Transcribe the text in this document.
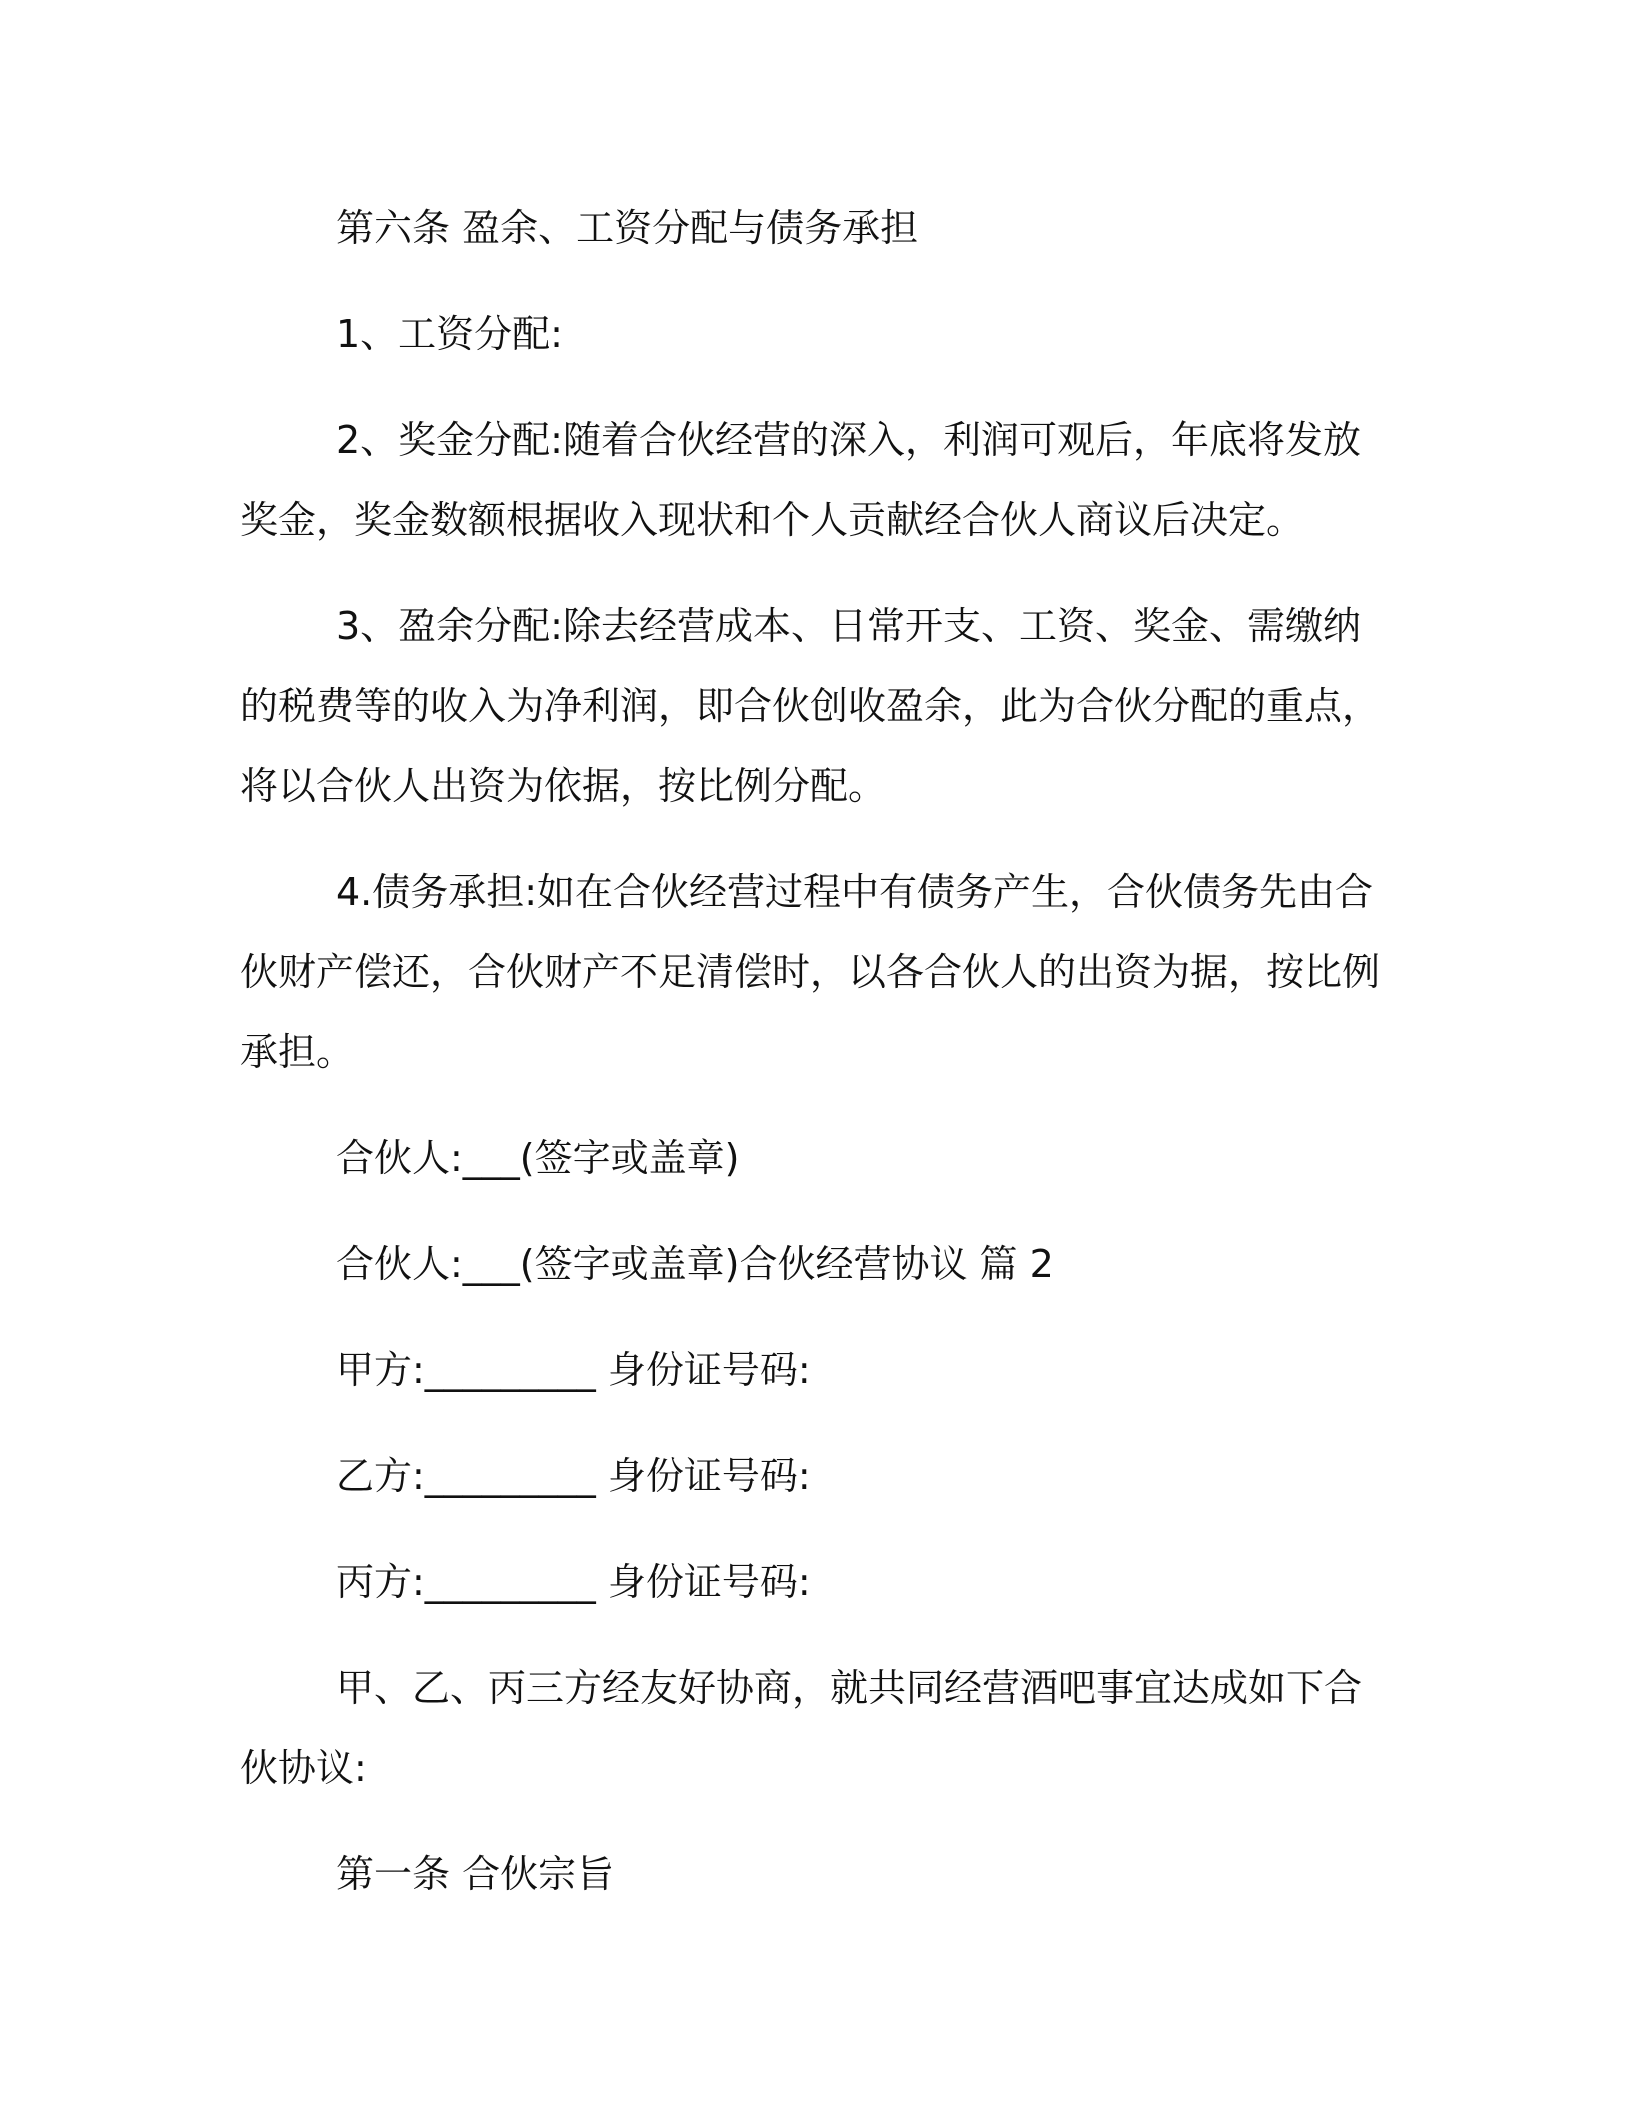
第六条 盈余、工资分配与债务承担

1、工资分配:

2、奖金分配:随着合伙经营的深入，利润可观后，年底将发放奖金，奖金数额根据收入现状和个人贡献经合伙人商议后决定。

3、盈余分配:除去经营成本、日常开支、工资、奖金、需缴纳的税费等的收入为净利润，即合伙创收盈余，此为合伙分配的重点，将以合伙人出资为依据，按比例分配。

4.债务承担:如在合伙经营过程中有债务产生，合伙债务先由合伙财产偿还，合伙财产不足清偿时，以各合伙人的出资为据，按比例承担。

合伙人:___(签字或盖章)

合伙人:___(签字或盖章)合伙经营协议 篇 2

甲方:_________ 身份证号码:

乙方:_________ 身份证号码:

丙方:_________ 身份证号码:

甲、乙、丙三方经友好协商，就共同经营酒吧事宜达成如下合伙协议:

第一条 合伙宗旨
